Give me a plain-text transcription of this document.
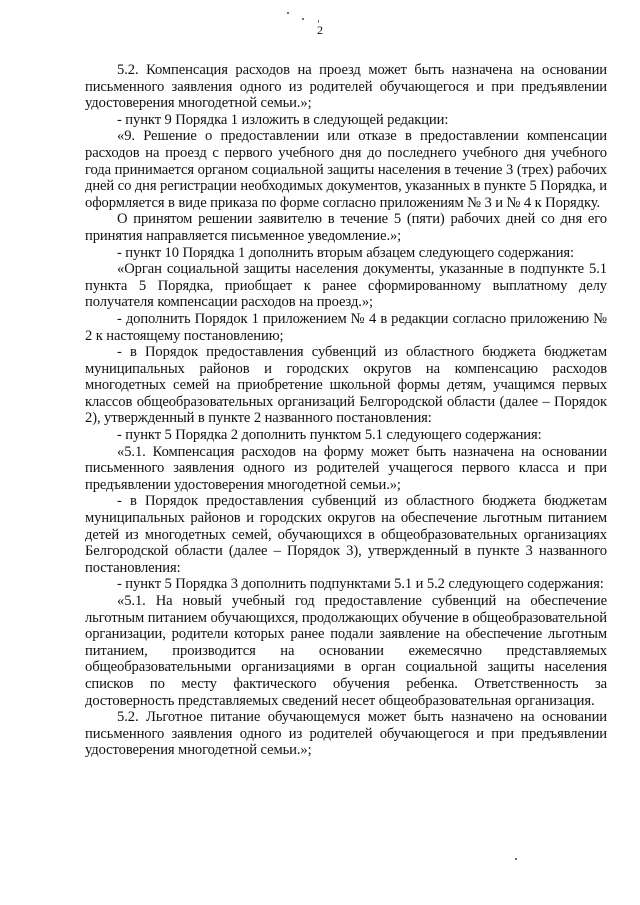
2

5.2. Компенсация расходов на проезд может быть назначена на основании письменного заявления одного из родителей обучающегося и при предъявлении удостоверения многодетной семьи.»;

- пункт 9 Порядка 1 изложить в следующей редакции:

«9. Решение о предоставлении или отказе в предоставлении компенсации расходов на проезд с первого учебного дня до последнего учебного дня учебного года принимается органом социальной защиты населения в течение 3 (трех) рабочих дней со дня регистрации необходимых документов, указанных в пункте 5 Порядка, и оформляется в виде приказа по форме согласно приложениям № 3 и № 4 к Порядку.

О принятом решении заявителю в течение 5 (пяти) рабочих дней со дня его принятия направляется письменное уведомление.»;

- пункт 10 Порядка 1 дополнить вторым абзацем следующего содержания:

«Орган социальной защиты населения документы, указанные в подпункте 5.1 пункта 5 Порядка, приобщает к ранее сформированному выплатному делу получателя компенсации расходов на проезд.»;

- дополнить Порядок 1 приложением № 4 в редакции согласно приложению № 2 к настоящему постановлению;

- в Порядок предоставления субвенций из областного бюджета бюджетам муниципальных районов и городских округов на компенсацию расходов многодетных семей на приобретение школьной формы детям, учащимся первых классов общеобразовательных организаций Белгородской области (далее – Порядок 2), утвержденный в пункте 2 названного постановления:

- пункт 5 Порядка 2 дополнить пунктом 5.1 следующего содержания:

«5.1. Компенсация расходов на форму может быть назначена на основании письменного заявления одного из родителей учащегося первого класса и при предъявлении удостоверения многодетной семьи.»;

- в Порядок предоставления субвенций из областного бюджета бюджетам муниципальных районов и городских округов на обеспечение льготным питанием детей из многодетных семей, обучающихся в общеобразовательных организациях Белгородской области (далее – Порядок 3), утвержденный в пункте 3 названного постановления:

- пункт 5 Порядка 3 дополнить подпунктами 5.1 и 5.2 следующего содержания:

«5.1. На новый учебный год предоставление субвенций на обеспечение льготным питанием обучающихся, продолжающих обучение в общеобразовательной организации, родители которых ранее подали заявление на обеспечение льготным питанием, производится на основании ежемесячно представляемых общеобразовательными организациями в орган социальной защиты населения списков по месту фактического обучения ребенка. Ответственность за достоверность представляемых сведений несет общеобразовательная организация.

5.2. Льготное питание обучающемуся может быть назначено на основании письменного заявления одного из родителей обучающегося и при предъявлении удостоверения многодетной семьи.»;
